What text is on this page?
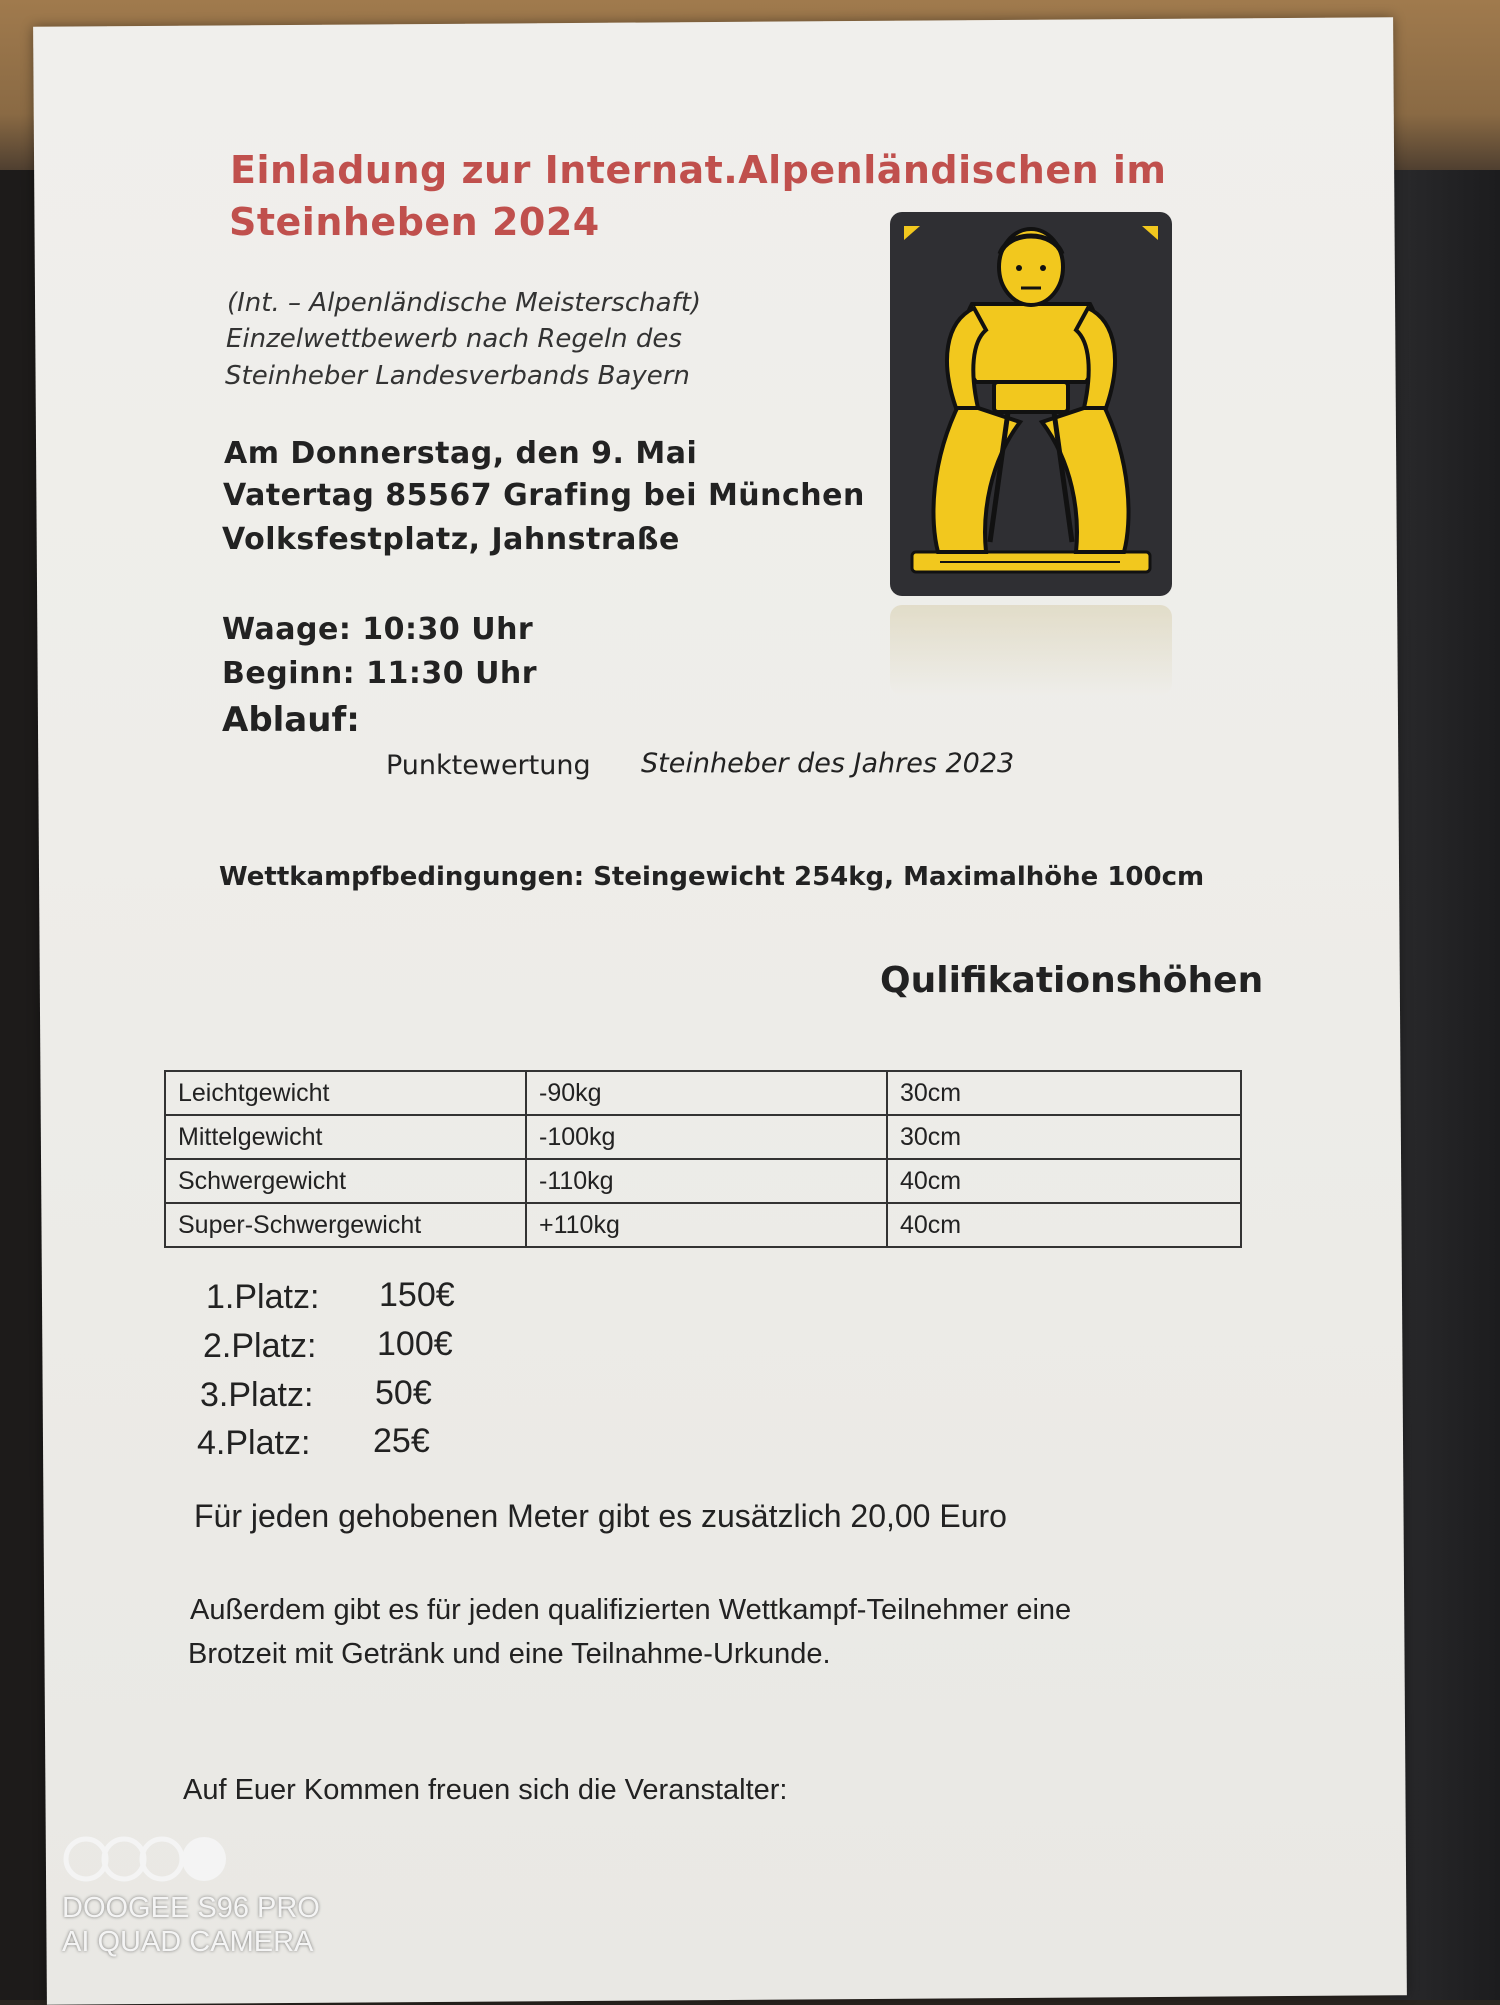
Einladung zur Internat.Alpenländischen im
Steinheben 2024
(Int. – Alpenländische Meisterschaft)
Einzelwettbewerb nach Regeln des
Steinheber Landesverbands Bayern
Am Donnerstag, den 9. Mai
Vatertag 85567 Grafing bei München
Volksfestplatz, Jahnstraße
Waage: 10:30 Uhr
Beginn: 11:30 Uhr
Ablauf:
Punktewertung Steinheber des Jahres 2023
Wettkampfbedingungen: Steingewicht 254kg, Maximalhöhe 100cm
Qulifikationshöhen
Leichtgewicht	-90kg	30cm
Mittelgewicht	-100kg	30cm
Schwergewicht	-110kg	40cm
Super-Schwergewicht	+110kg	40cm
1.Platz: 150€
2.Platz: 100€
3.Platz: 50€
4.Platz: 25€
Für jeden gehobenen Meter gibt es zusätzlich 20,00 Euro
Außerdem gibt es für jeden qualifizierten Wettkampf-Teilnehmer eine
Brotzeit mit Getränk und eine Teilnahme-Urkunde.
Auf Euer Kommen freuen sich die Veranstalter:
DOOGEE S96 PRO
AI QUAD CAMERA
